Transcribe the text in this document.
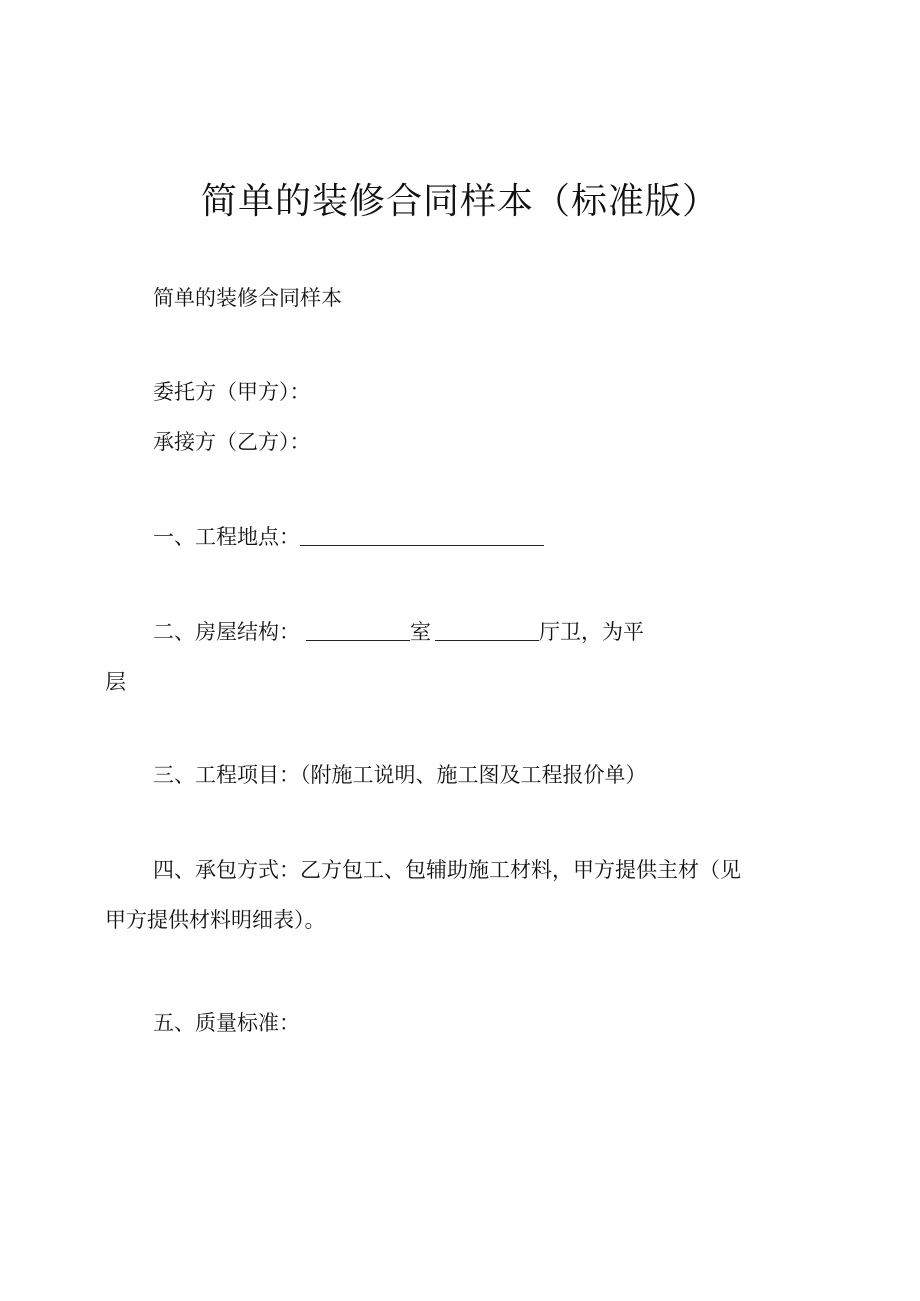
简单的装修合同样本（标准版）
简单的装修合同样本
委托方（甲方）：
承接方（乙方）：
一、工程地点：
二、房屋结构：	室	厅卫，为平
层
三、工程项目：（附施工说明、施工图及工程报价单）
四、承包方式：乙方包工、包辅助施工材料，甲方提供主材（见
甲方提供材料明细表）。
五、质量标准：
